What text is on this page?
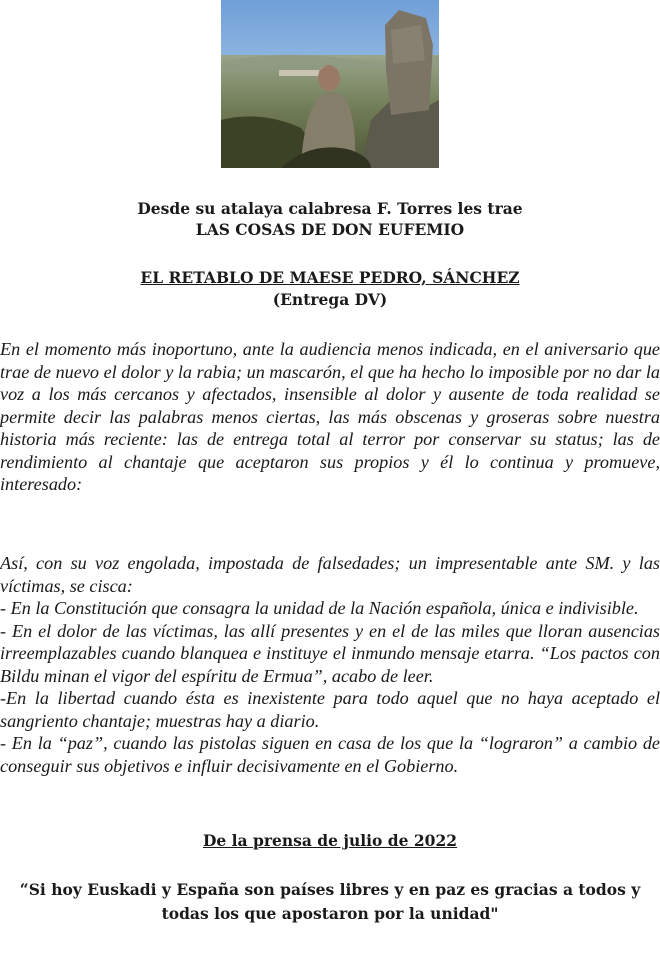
Desde su atalaya calabresa F. Torres les trae
LAS COSAS DE DON EUFEMIO
EL RETABLO DE MAESE PEDRO, SÁNCHEZ
(Entrega DV)

En el momento más inoportuno, ante la audiencia menos indicada, en el aniversario que trae de nuevo el dolor y la rabia; un mascarón, el que ha hecho lo imposible por no dar la voz a los más cercanos y afectados, insensible al dolor y ausente de toda realidad se permite decir las palabras menos ciertas, las más obscenas y groseras sobre nuestra historia más reciente: las de entrega total al terror por conservar su status; las de rendimiento al chantaje que aceptaron sus propios y él lo continua y promueve, interesado:

Así, con su voz engolada, impostada de falsedades; un impresentable ante SM. y las víctimas, se cisca:

- En la Constitución que consagra la unidad de la Nación española, única e indivisible.

- En el dolor de las víctimas, las allí presentes y en el de las miles que lloran ausencias irreemplazables cuando blanquea e instituye el inmundo mensaje etarra. “Los pactos con Bildu minan el vigor del espíritu de Ermua”, acabo de leer.

-En la libertad cuando ésta es inexistente para todo aquel que no haya aceptado el sangriento chantaje; muestras hay a diario.

- En la “paz”, cuando las pistolas siguen en casa de los que la “lograron” a cambio de conseguir sus objetivos e influir decisivamente en el Gobierno.

De la prensa de julio de 2022
“Si hoy Euskadi y España son países libres y en paz es gracias a todos y todas los que apostaron por la unidad"
